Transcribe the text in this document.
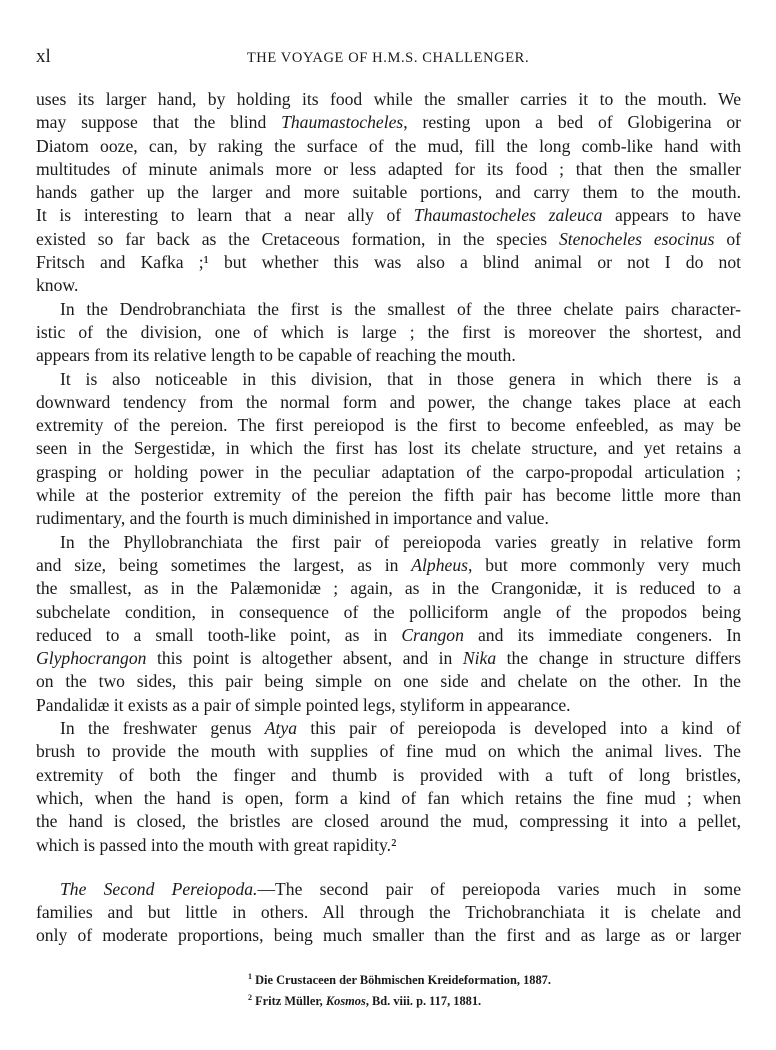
xl	THE VOYAGE OF H.M.S. CHALLENGER.
uses its larger hand, by holding its food while the smaller carries it to the mouth. We
may suppose that the blind Thaumastocheles, resting upon a bed of Globigerina or
Diatom ooze, can, by raking the surface of the mud, fill the long comb-like hand with
multitudes of minute animals more or less adapted for its food ; that then the smaller
hands gather up the larger and more suitable portions, and carry them to the mouth.
It is interesting to learn that a near ally of Thaumastocheles zaleuca appears to have
existed so far back as the Cretaceous formation, in the species Stenocheles esocinus of
Fritsch and Kafka ;¹ but whether this was also a blind animal or not I do not
know.
In the Dendrobranchiata the first is the smallest of the three chelate pairs character-
istic of the division, one of which is large ; the first is moreover the shortest, and
appears from its relative length to be capable of reaching the mouth.
It is also noticeable in this division, that in those genera in which there is a
downward tendency from the normal form and power, the change takes place at each
extremity of the pereion. The first pereiopod is the first to become enfeebled, as may be
seen in the Sergestidæ, in which the first has lost its chelate structure, and yet retains a
grasping or holding power in the peculiar adaptation of the carpo-propodal articulation ;
while at the posterior extremity of the pereion the fifth pair has become little more than
rudimentary, and the fourth is much diminished in importance and value.
In the Phyllobranchiata the first pair of pereiopoda varies greatly in relative form
and size, being sometimes the largest, as in Alpheus, but more commonly very much
the smallest, as in the Palæmonidæ ; again, as in the Crangonidæ, it is reduced to a
subchelate condition, in consequence of the polliciform angle of the propodos being
reduced to a small tooth-like point, as in Crangon and its immediate congeners. In
Glyphocrangon this point is altogether absent, and in Nika the change in structure differs
on the two sides, this pair being simple on one side and chelate on the other. In the
Pandalidæ it exists as a pair of simple pointed legs, styliform in appearance.
In the freshwater genus Atya this pair of pereiopoda is developed into a kind of
brush to provide the mouth with supplies of fine mud on which the animal lives. The
extremity of both the finger and thumb is provided with a tuft of long bristles,
which, when the hand is open, form a kind of fan which retains the fine mud ; when
the hand is closed, the bristles are closed around the mud, compressing it into a pellet,
which is passed into the mouth with great rapidity.²
The Second Pereiopoda.—The second pair of pereiopoda varies much in some
families and but little in others. All through the Trichobranchiata it is chelate and
only of moderate proportions, being much smaller than the first and as large as or larger
$^1$ Die Crustaceen der Böhmischen Kreideformation, 1887.
$^2$ Fritz Müller, Kosmos, Bd. viii. p. 117, 1881.
